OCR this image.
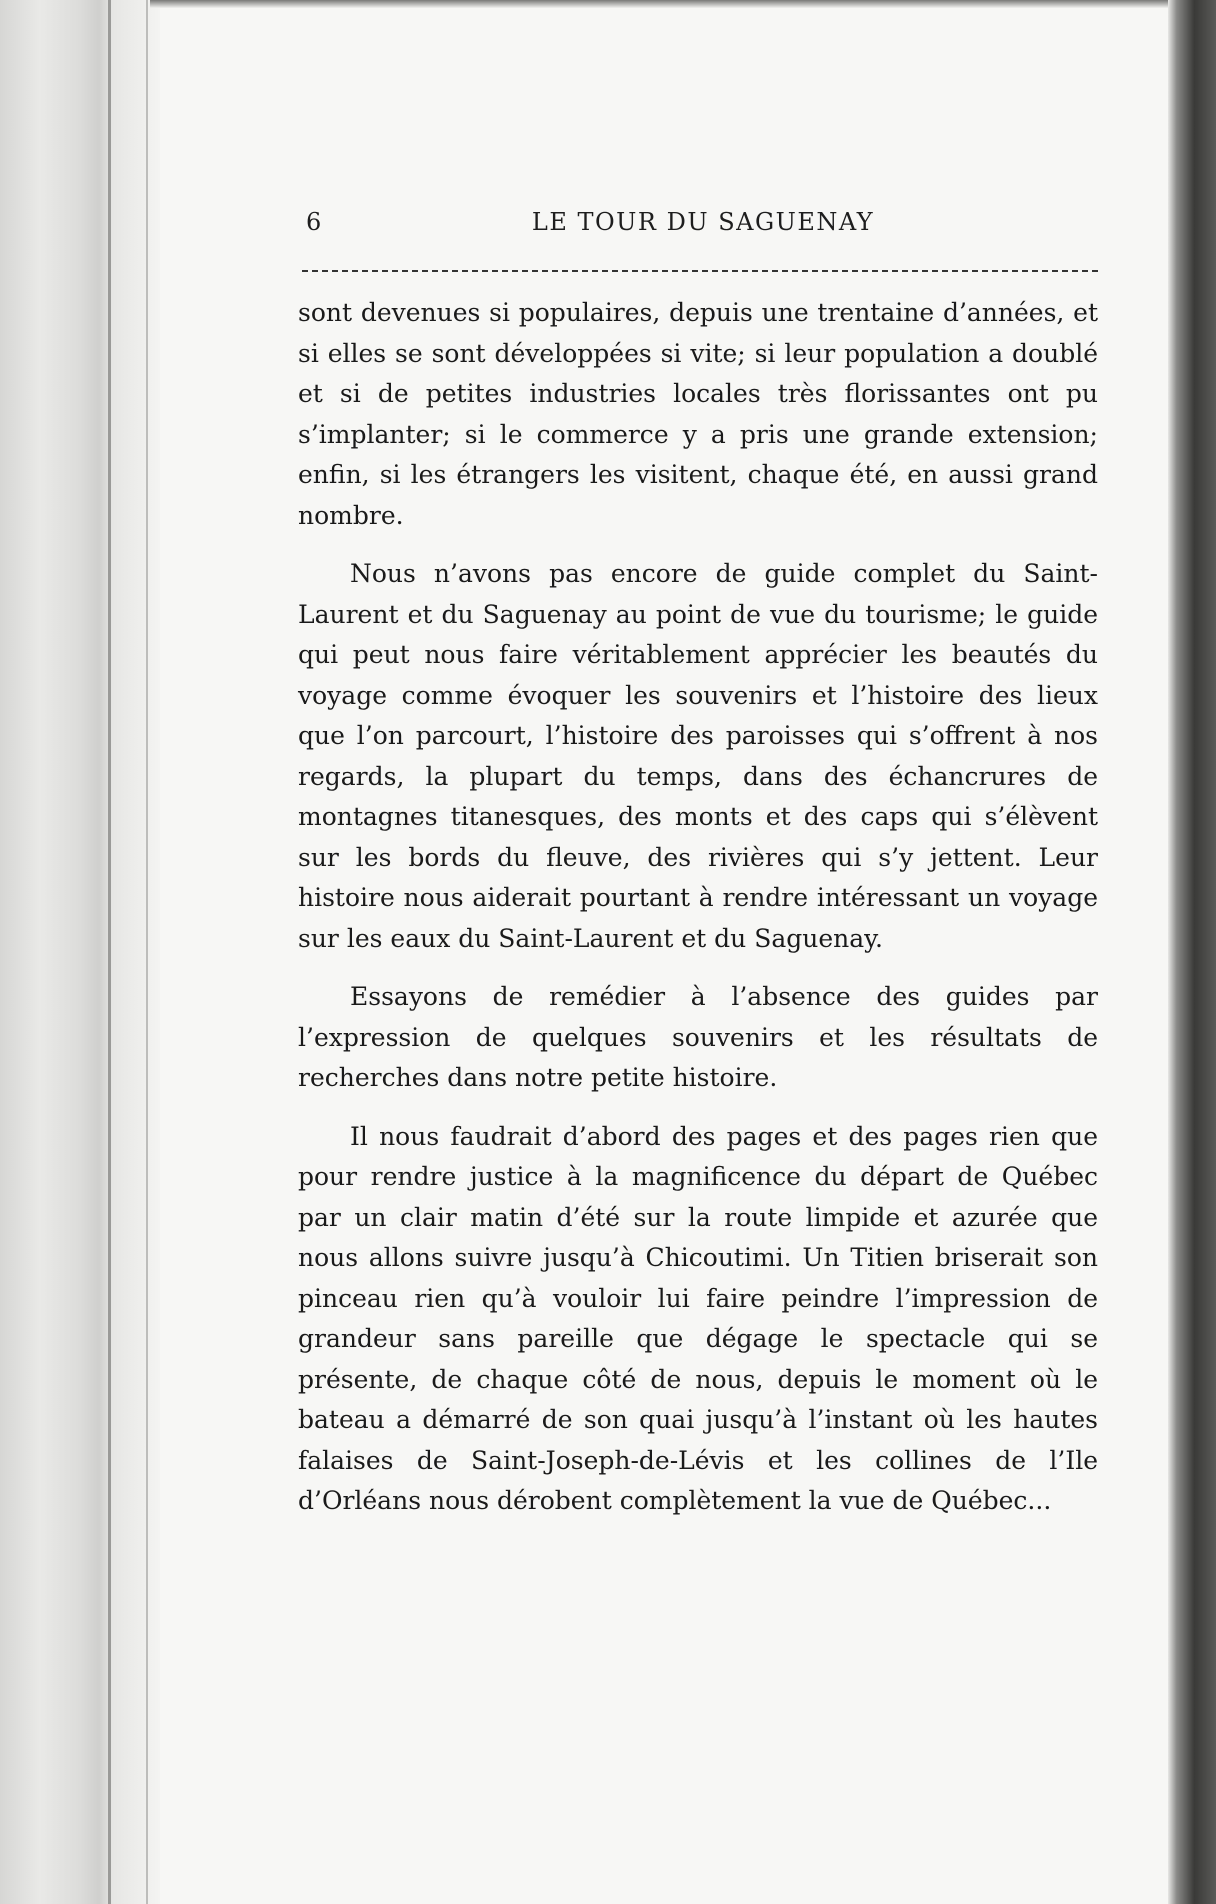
6	LE TOUR DU SAGUENAY

sont devenues si populaires, depuis une trentaine d’années, et si elles se sont développées si vite; si leur population a doublé et si de petites industries locales très florissantes ont pu s’implanter; si le commerce y a pris une grande extension; enfin, si les étrangers les visitent, chaque été, en aussi grand nombre.

Nous n’avons pas encore de guide complet du Saint-Laurent et du Saguenay au point de vue du tourisme; le guide qui peut nous faire véritablement apprécier les beautés du voyage comme évoquer les souvenirs et l’histoire des lieux que l’on parcourt, l’histoire des paroisses qui s’offrent à nos regards, la plupart du temps, dans des échancrures de montagnes titanesques, des monts et des caps qui s’élèvent sur les bords du fleuve, des rivières qui s’y jettent. Leur histoire nous aiderait pourtant à rendre intéressant un voyage sur les eaux du Saint-Laurent et du Saguenay.

Essayons de remédier à l’absence des guides par l’expression de quelques souvenirs et les résultats de recherches dans notre petite histoire.

Il nous faudrait d’abord des pages et des pages rien que pour rendre justice à la magnificence du départ de Québec par un clair matin d’été sur la route limpide et azurée que nous allons suivre jusqu’à Chicoutimi. Un Titien briserait son pinceau rien qu’à vouloir lui faire peindre l’impression de grandeur sans pareille que dégage le spectacle qui se présente, de chaque côté de nous, depuis le moment où le bateau a démarré de son quai jusqu’à l’instant où les hautes falaises de Saint-Joseph-de-Lévis et les collines de l’Ile d’Orléans nous dérobent complètement la vue de Québec...
